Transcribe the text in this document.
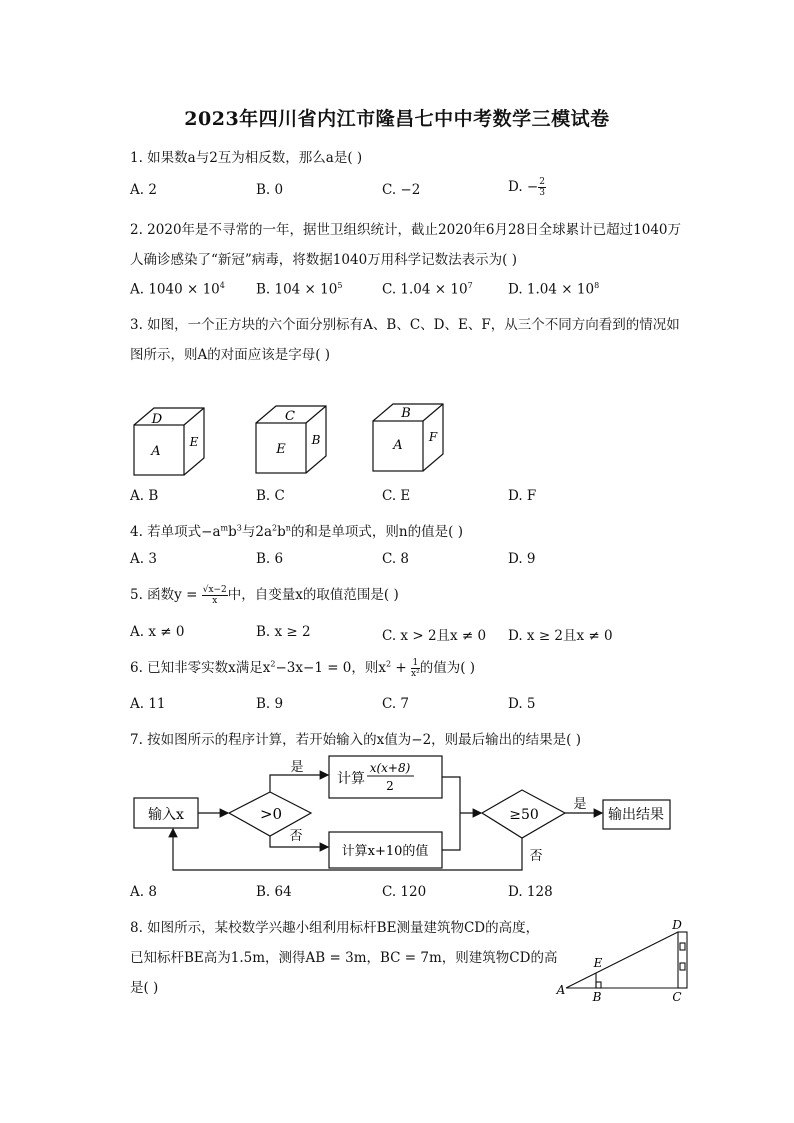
2023年四川省内江市隆昌七中中考数学三模试卷
1. 如果数a与2互为相反数，那么a是( )
A. 2	B. 0	C. −2	D. − $\frac{2}{3}$
2. 2020年是不寻常的一年，据世卫组织统计，截止2020年6月28日全球累计已超过1040万
人确诊感染了“新冠”病毒，将数据1040万用科学记数法表示为( )
A. $1040 \times 10^4$ B. $104 \times 10^5$	C. $1.04 \times 10^7$	D. $1.04 \times 10^8$
3. 如图，一个正方块的六个面分别标有A、B、C、D、E、F，从三个不同方向看到的情况如
图所示，则A的对面应该是字母( )
D
A
E
C
E
B
B
A
F
A. B	B. C	C. E	D. F
4. 若单项式$-a^mb^3$与$2a^2b^n$的和是单项式，则n的值是( )
A. 3	B. 6	C. 8	D. 9
5. 函数$y = \frac{√x-2}{x}$ 中，自变量x的取值范围是( )
A. x ≠ 0	B. x ≥ 2	C. x > 2且x ≠ 0 D. x ≥ 2且x ≠ 0
6. 已知非零实数x满足$x^2-3x-1 = 0$，则$x^2 + \frac{1}{\text{x²}}$ 的值为( )
A. 11	B. 9	C. 7	D. 5
7. 按如图所示的程序计算，若开始输入的x值为−2，则最后输出的结果是( )
输入x	>0
是
否
计算
x(x+8)
2
计算x+10的值
≥50
是
否
输出结果
A. 8	B. 64	C. 120	D. 128
8. 如图所示，某校数学兴趣小组利用标杆BE测量建筑物CD的高度，
已知标杆BE高为1.5m，测得AB = 3m，BC = 7m，则建筑物CD的高
是( )	A B	C
D
E
